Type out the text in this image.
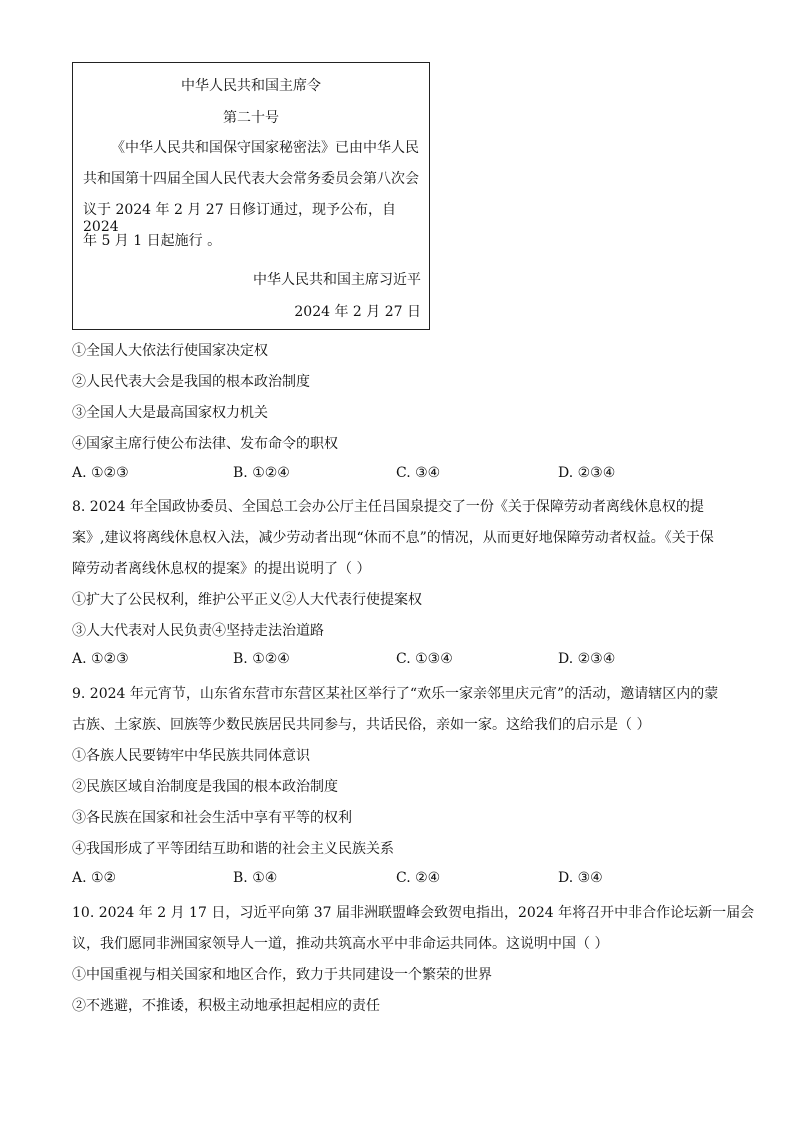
中华人民共和国主席令
第二十号
《中华人民共和国保守国家秘密法》已由中华人民
共和国第十四届全国人民代表大会常务委员会第八次会
议于 2024 年 2 月 27 日修订通过，现予公布，自 2024
年 5 月 1 日起施行 。
中华人民共和国主席习近平
2024 年 2 月 27 日
①全国人大依法行使国家决定权
②人民代表大会是我国的根本政治制度
③全国人大是最高国家权力机关
④国家主席行使公布法律、发布命令的职权
A. ①②③	B. ①②④	C. ③④	D. ②③④
8. 2024 年全国政协委员、全国总工会办公厅主任吕国泉提交了一份《关于保障劳动者离线休息权的提
案》,建议将离线休息权入法，减少劳动者出现“休而不息”的情况，从而更好地保障劳动者权益。《关于保
障劳动者离线休息权的提案》的提出说明了（ ）
①扩大了公民权利，维护公平正义②人大代表行使提案权
③人大代表对人民负责④坚持走法治道路
A. ①②③	B. ①②④	C. ①③④	D. ②③④
9. 2024 年元宵节，山东省东营市东营区某社区举行了“欢乐一家亲邻里庆元宵”的活动，邀请辖区内的蒙
古族、土家族、回族等少数民族居民共同参与，共话民俗，亲如一家。这给我们的启示是（ ）
①各族人民要铸牢中华民族共同体意识
②民族区域自治制度是我国的根本政治制度
③各民族在国家和社会生活中享有平等的权利
④我国形成了平等团结互助和谐的社会主义民族关系
A. ①②	B. ①④	C. ②④	D. ③④
10. 2024 年 2 月 17 日，习近平向第 37 届非洲联盟峰会致贺电指出，2024 年将召开中非合作论坛新一届会
议，我们愿同非洲国家领导人一道，推动共筑高水平中非命运共同体。这说明中国（ ）
①中国重视与相关国家和地区合作，致力于共同建设一个繁荣的世界
②不逃避，不推诿，积极主动地承担起相应的责任
